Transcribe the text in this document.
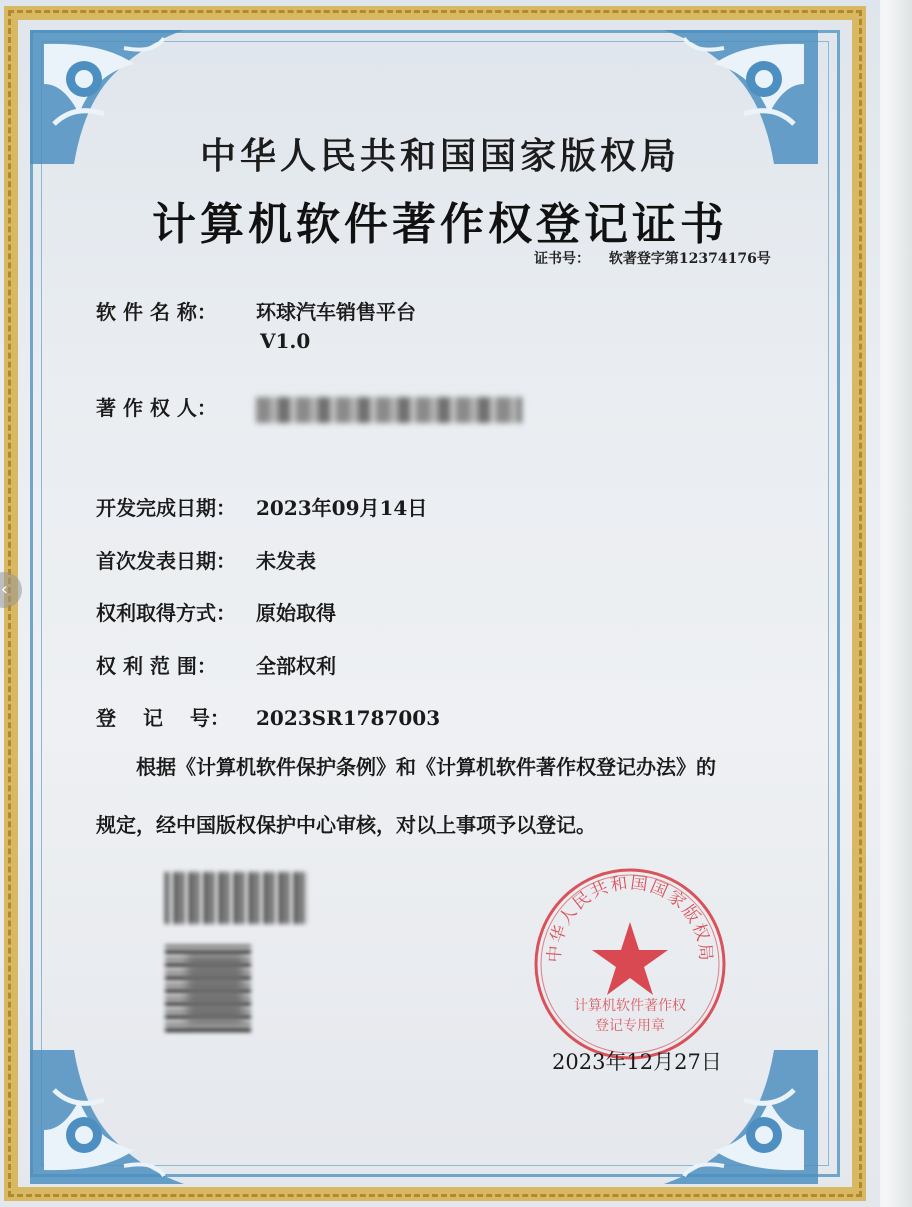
中华人民共和国国家版权局
计算机软件著作权登记证书
证书号： 软著登字第12374176号
软 件 名 称： 环球汽车销售平台
V1.0
著 作 权 人：
开发完成日期： 2023年09月14日
首次发表日期： 未发表
权利取得方式： 原始取得
权 利 范 围： 全部权利
登　 记　 号： 2023SR1787003
根据《计算机软件保护条例》和《计算机软件著作权登记办法》的
规定，经中国版权保护中心审核，对以上事项予以登记。
中华人民共和国国家版权局
计算机软件著作权
登记专用章
2023年12月27日
‹
